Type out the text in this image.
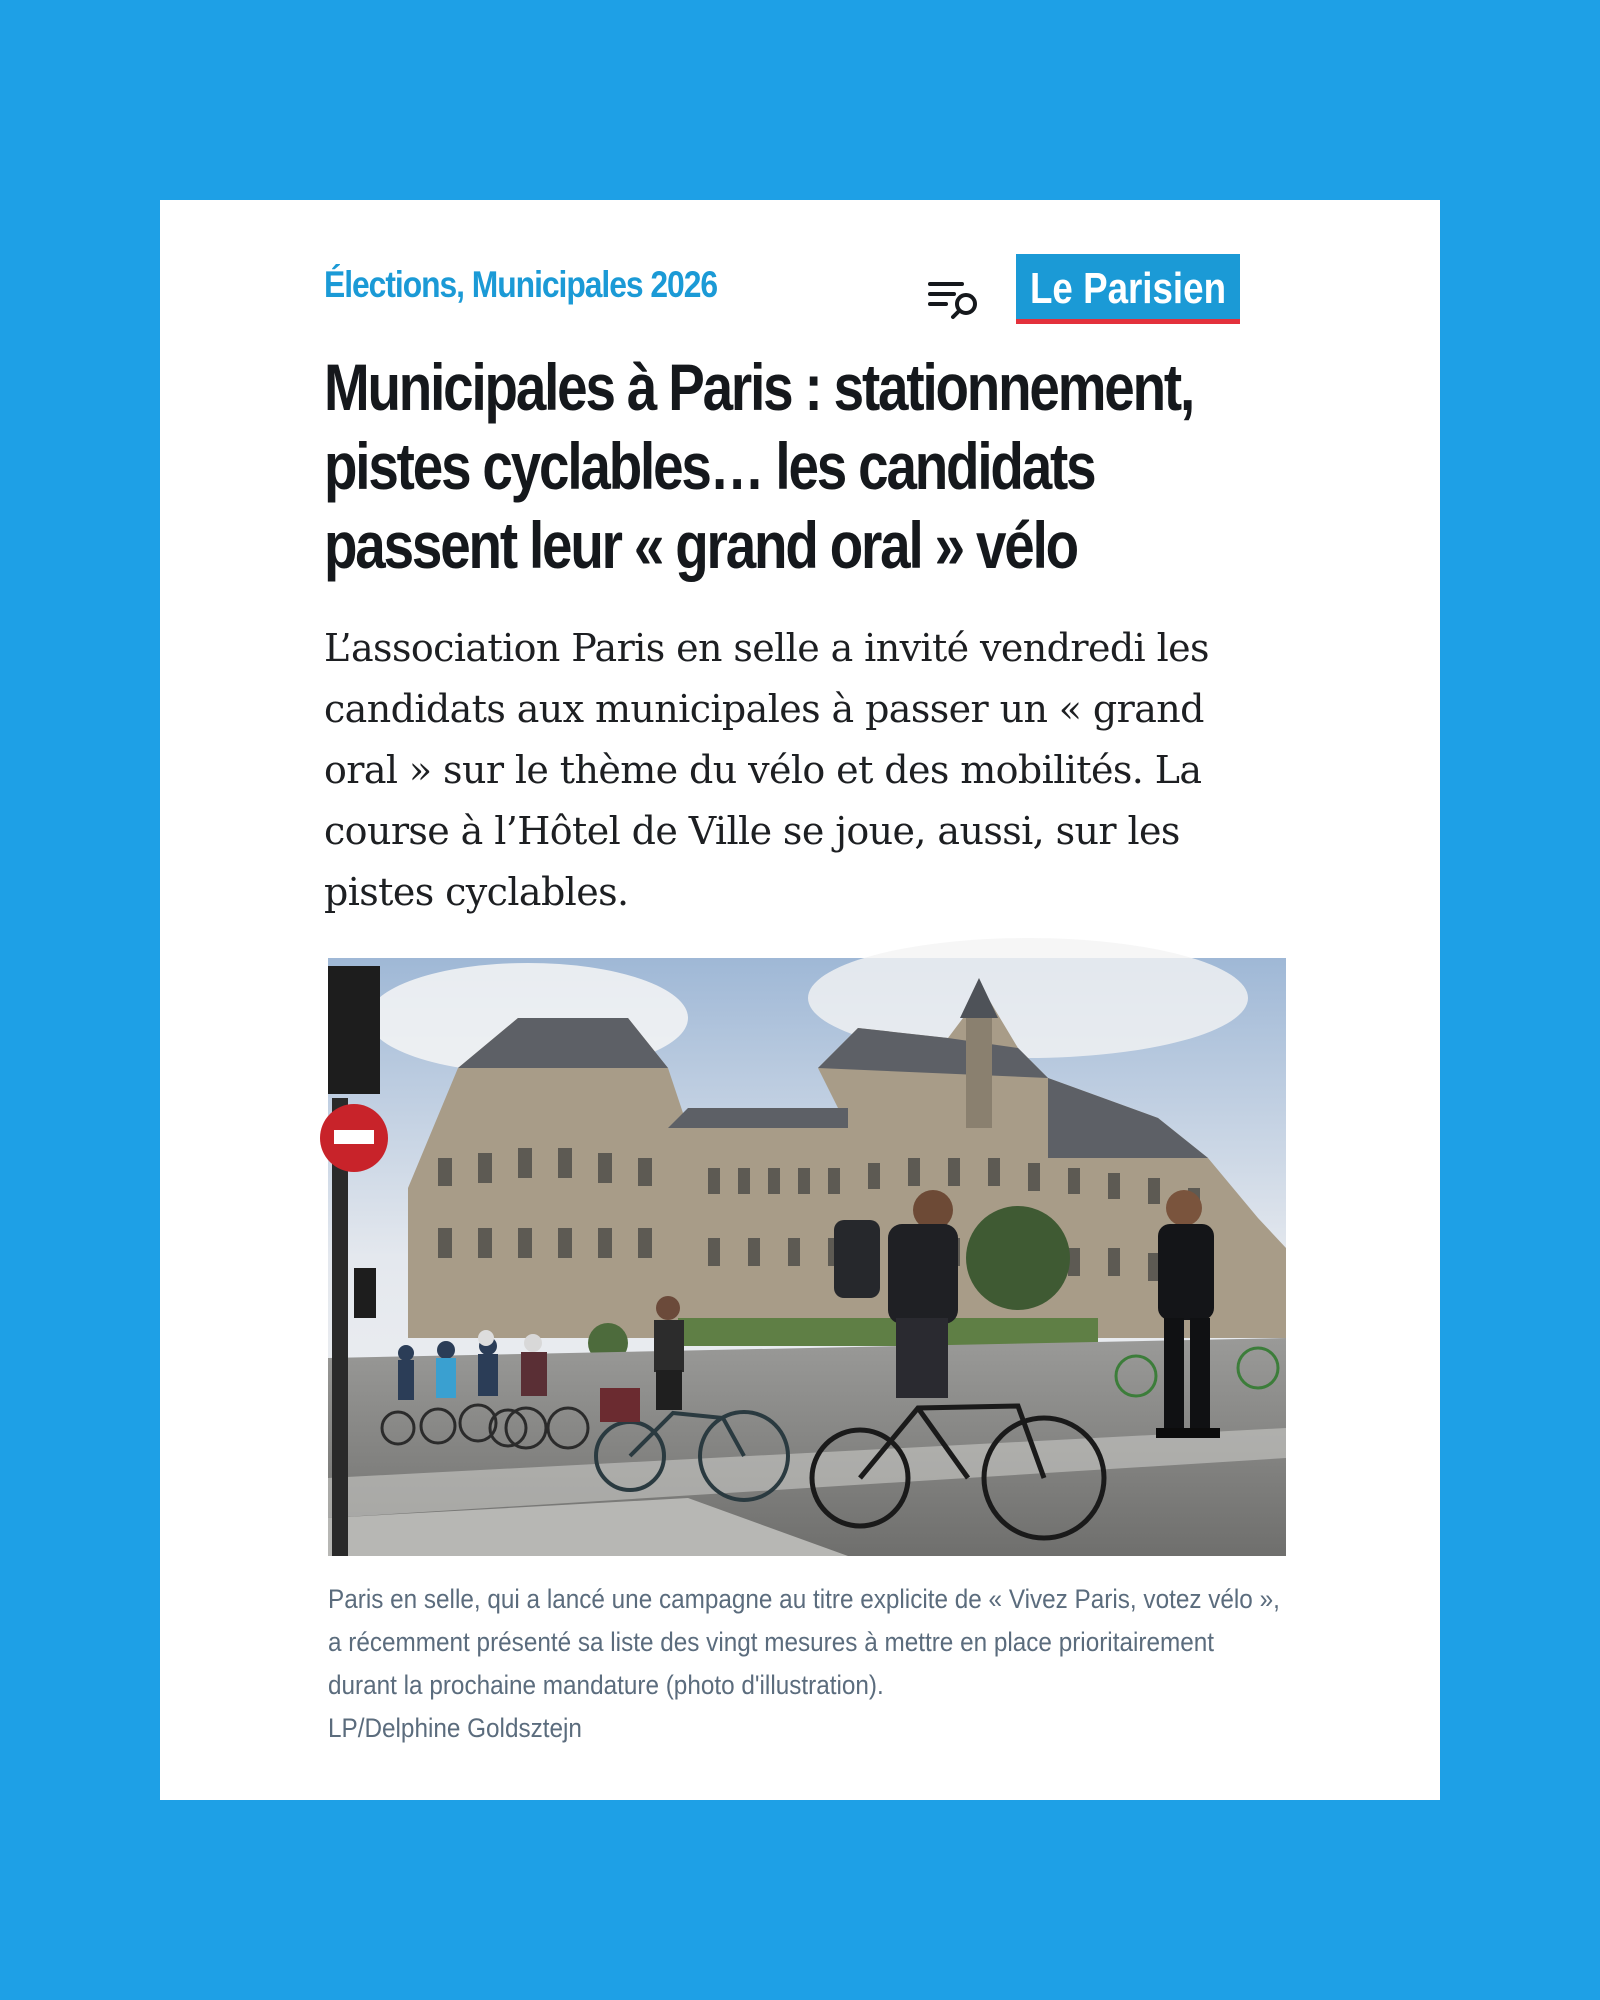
Élections, Municipales 2026	Le Parisien
Municipales à Paris : stationnement,
pistes cyclables… les candidats
passent leur « grand oral » vélo

L’association Paris en selle a invité vendredi les candidats aux municipales à passer un « grand oral » sur le thème du vélo et des mobilités. La course à l’Hôtel de Ville se joue, aussi, sur les pistes cyclables.

Paris en selle, qui a lancé une campagne au titre explicite de « Vivez Paris, votez vélo », a récemment présenté sa liste des vingt mesures à mettre en place prioritairement durant la prochaine mandature (photo d'illustration).
LP/Delphine Goldsztejn
